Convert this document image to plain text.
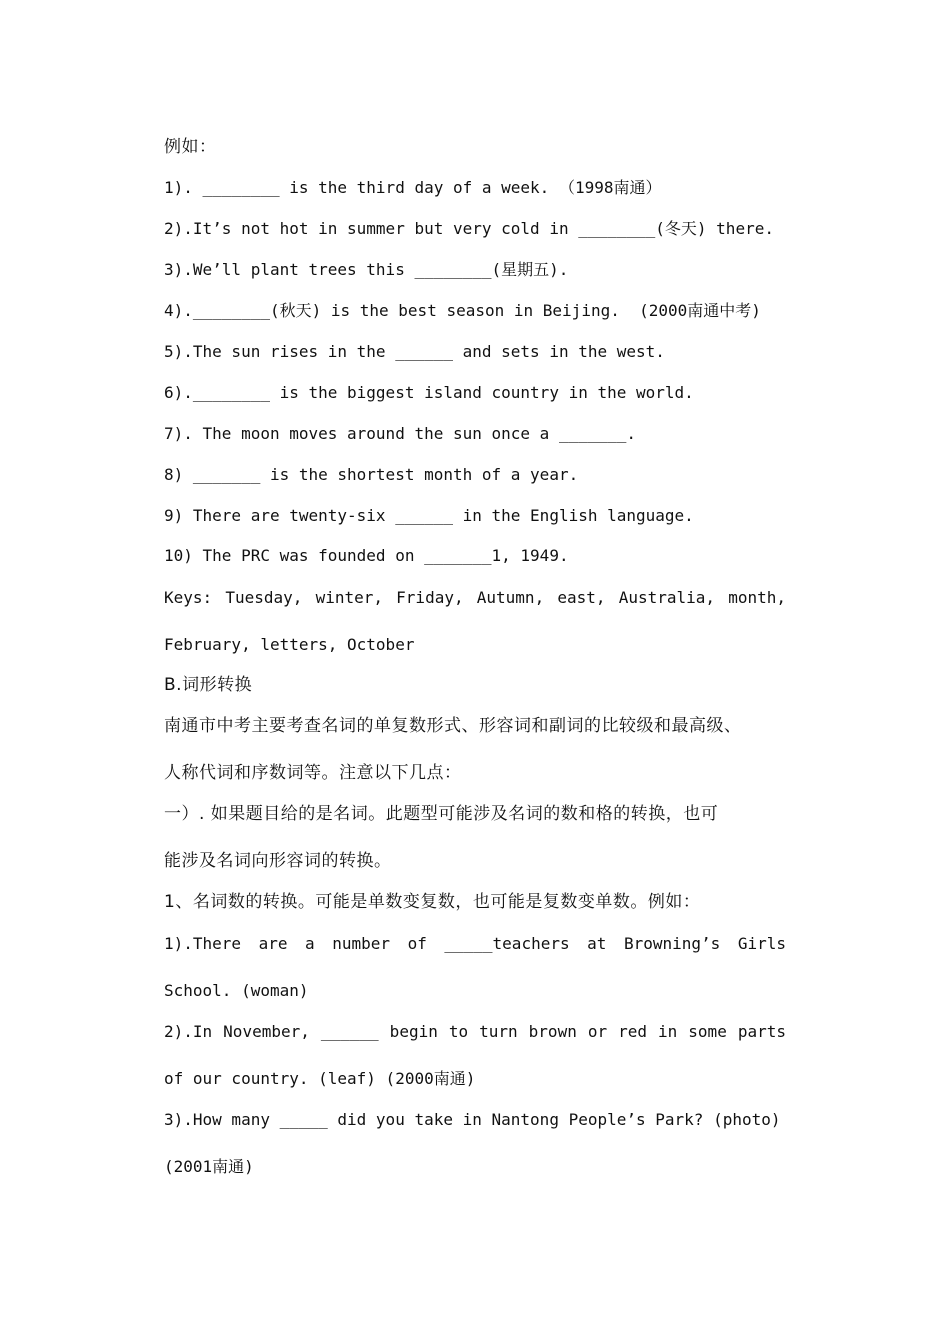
例如：
1). ________ is the third day of a week. （1998南通）
2).It’s not hot in summer but very cold in ________(冬天) there.
3).We’ll plant trees this ________(星期五).
4).________(秋天) is the best season in Beijing.  (2000南通中考)
5).The sun rises in the ______ and sets in the west.
6).________ is the biggest island country in the world.
7). The moon moves around the sun once a _______.
8) _______ is the shortest month of a year.
9) There are twenty-six ______ in the English language.
10) The PRC was founded on _______1, 1949.
Keys: Tuesday, winter, Friday, Autumn, east, Australia, month,
February, letters, October
B.词形转换
南通市中考主要考查名词的单复数形式、形容词和副词的比较级和最高级、
人称代词和序数词等。注意以下几点：
一）. 如果题目给的是名词。此题型可能涉及名词的数和格的转换，也可
能涉及名词向形容词的转换。
1、名词数的转换。可能是单数变复数，也可能是复数变单数。例如：
1).There are a number of _____teachers at Browning’s Girls
School. (woman)
2).In November, ______ begin to turn brown or red in some parts
of our country. (leaf) (2000南通)
3).How many _____ did you take in Nantong People’s Park? (photo)
(2001南通)
